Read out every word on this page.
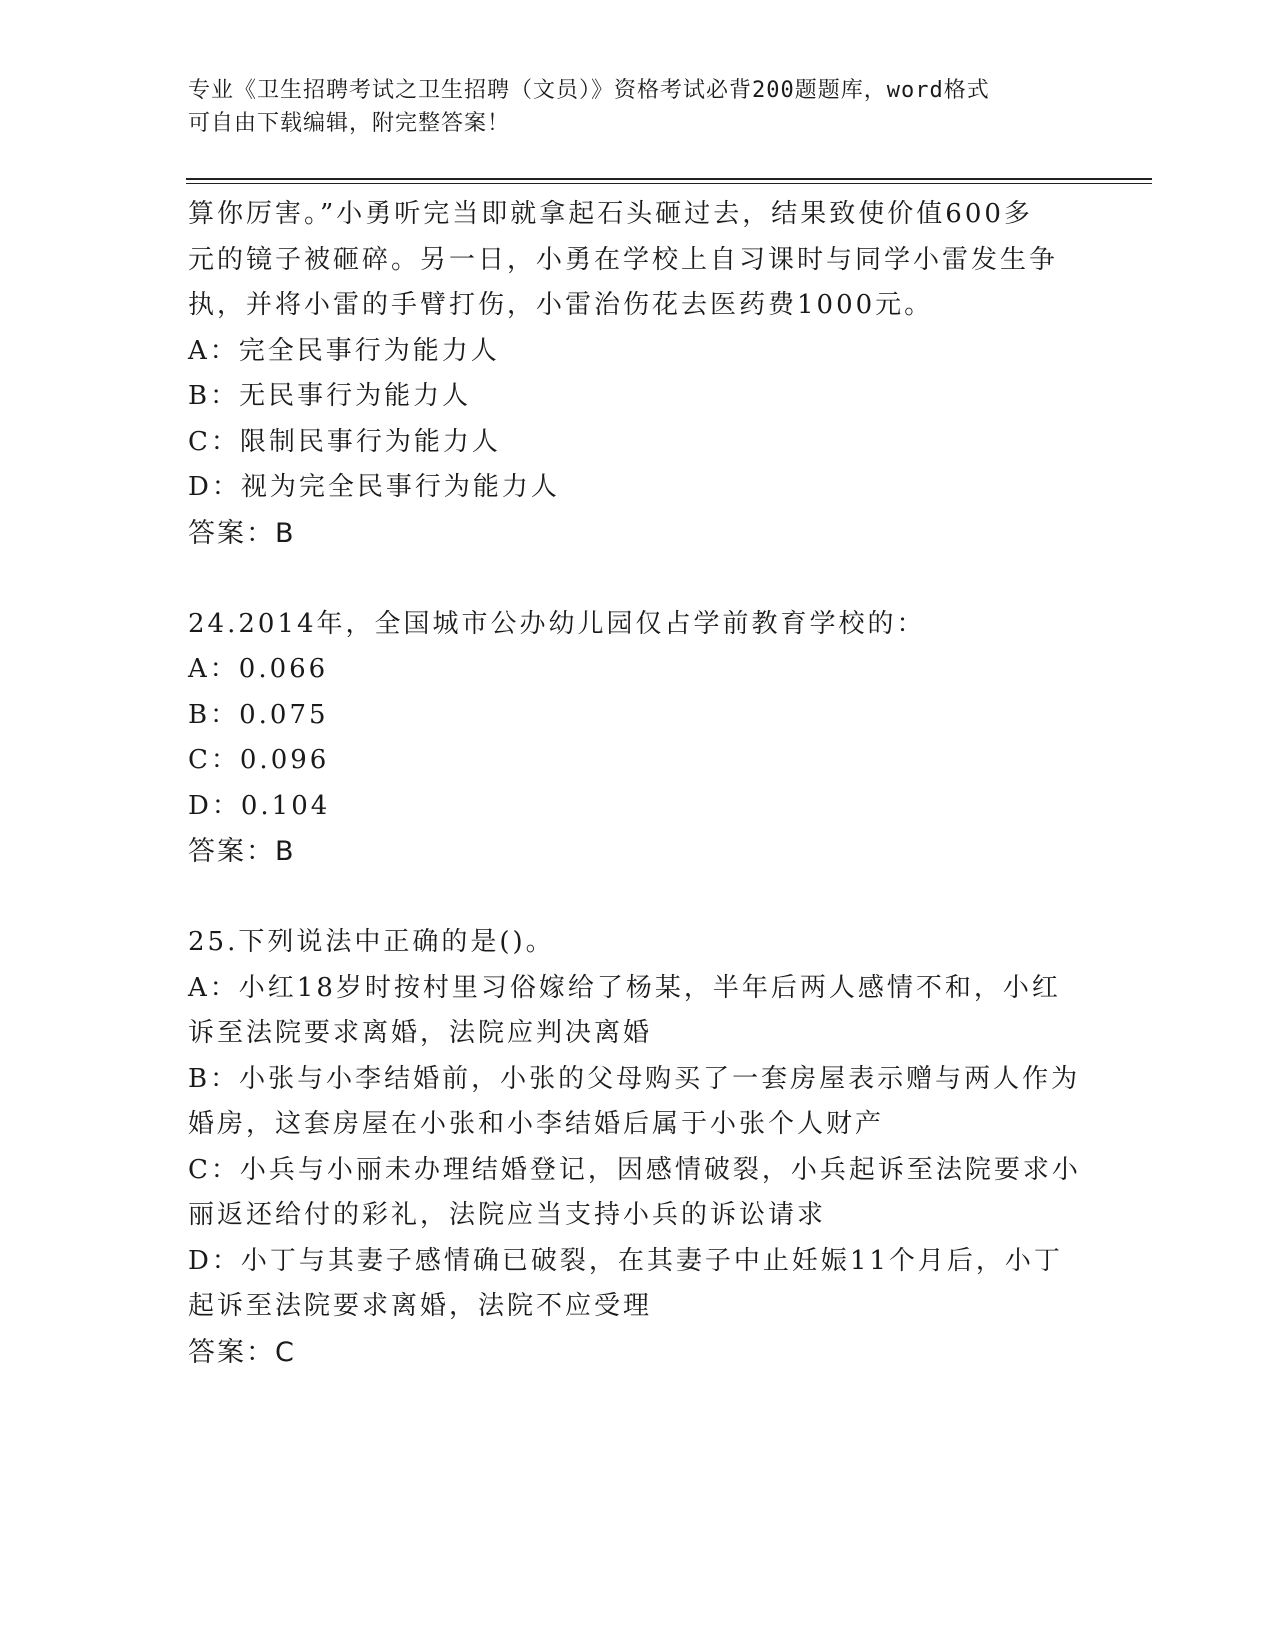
专业《卫生招聘考试之卫生招聘（文员）》资格考试必背200题题库，word格式
可自由下载编辑，附完整答案！
算你厉害。”小勇听完当即就拿起石头砸过去，结果致使价值600多
元的镜子被砸碎。另一日，小勇在学校上自习课时与同学小雷发生争
执，并将小雷的手臂打伤，小雷治伤花去医药费1000元。
A：完全民事行为能力人
B：无民事行为能力人
C：限制民事行为能力人
D：视为完全民事行为能力人
答案：B
24.2014年，全国城市公办幼儿园仅占学前教育学校的：
A：0.066
B：0.075
C：0.096
D：0.104
答案：B
25.下列说法中正确的是()。
A：小红18岁时按村里习俗嫁给了杨某，半年后两人感情不和，小红
诉至法院要求离婚，法院应判决离婚
B：小张与小李结婚前，小张的父母购买了一套房屋表示赠与两人作为
婚房，这套房屋在小张和小李结婚后属于小张个人财产
C：小兵与小丽未办理结婚登记，因感情破裂，小兵起诉至法院要求小
丽返还给付的彩礼，法院应当支持小兵的诉讼请求
D：小丁与其妻子感情确已破裂，在其妻子中止妊娠11个月后，小丁
起诉至法院要求离婚，法院不应受理
答案：C
